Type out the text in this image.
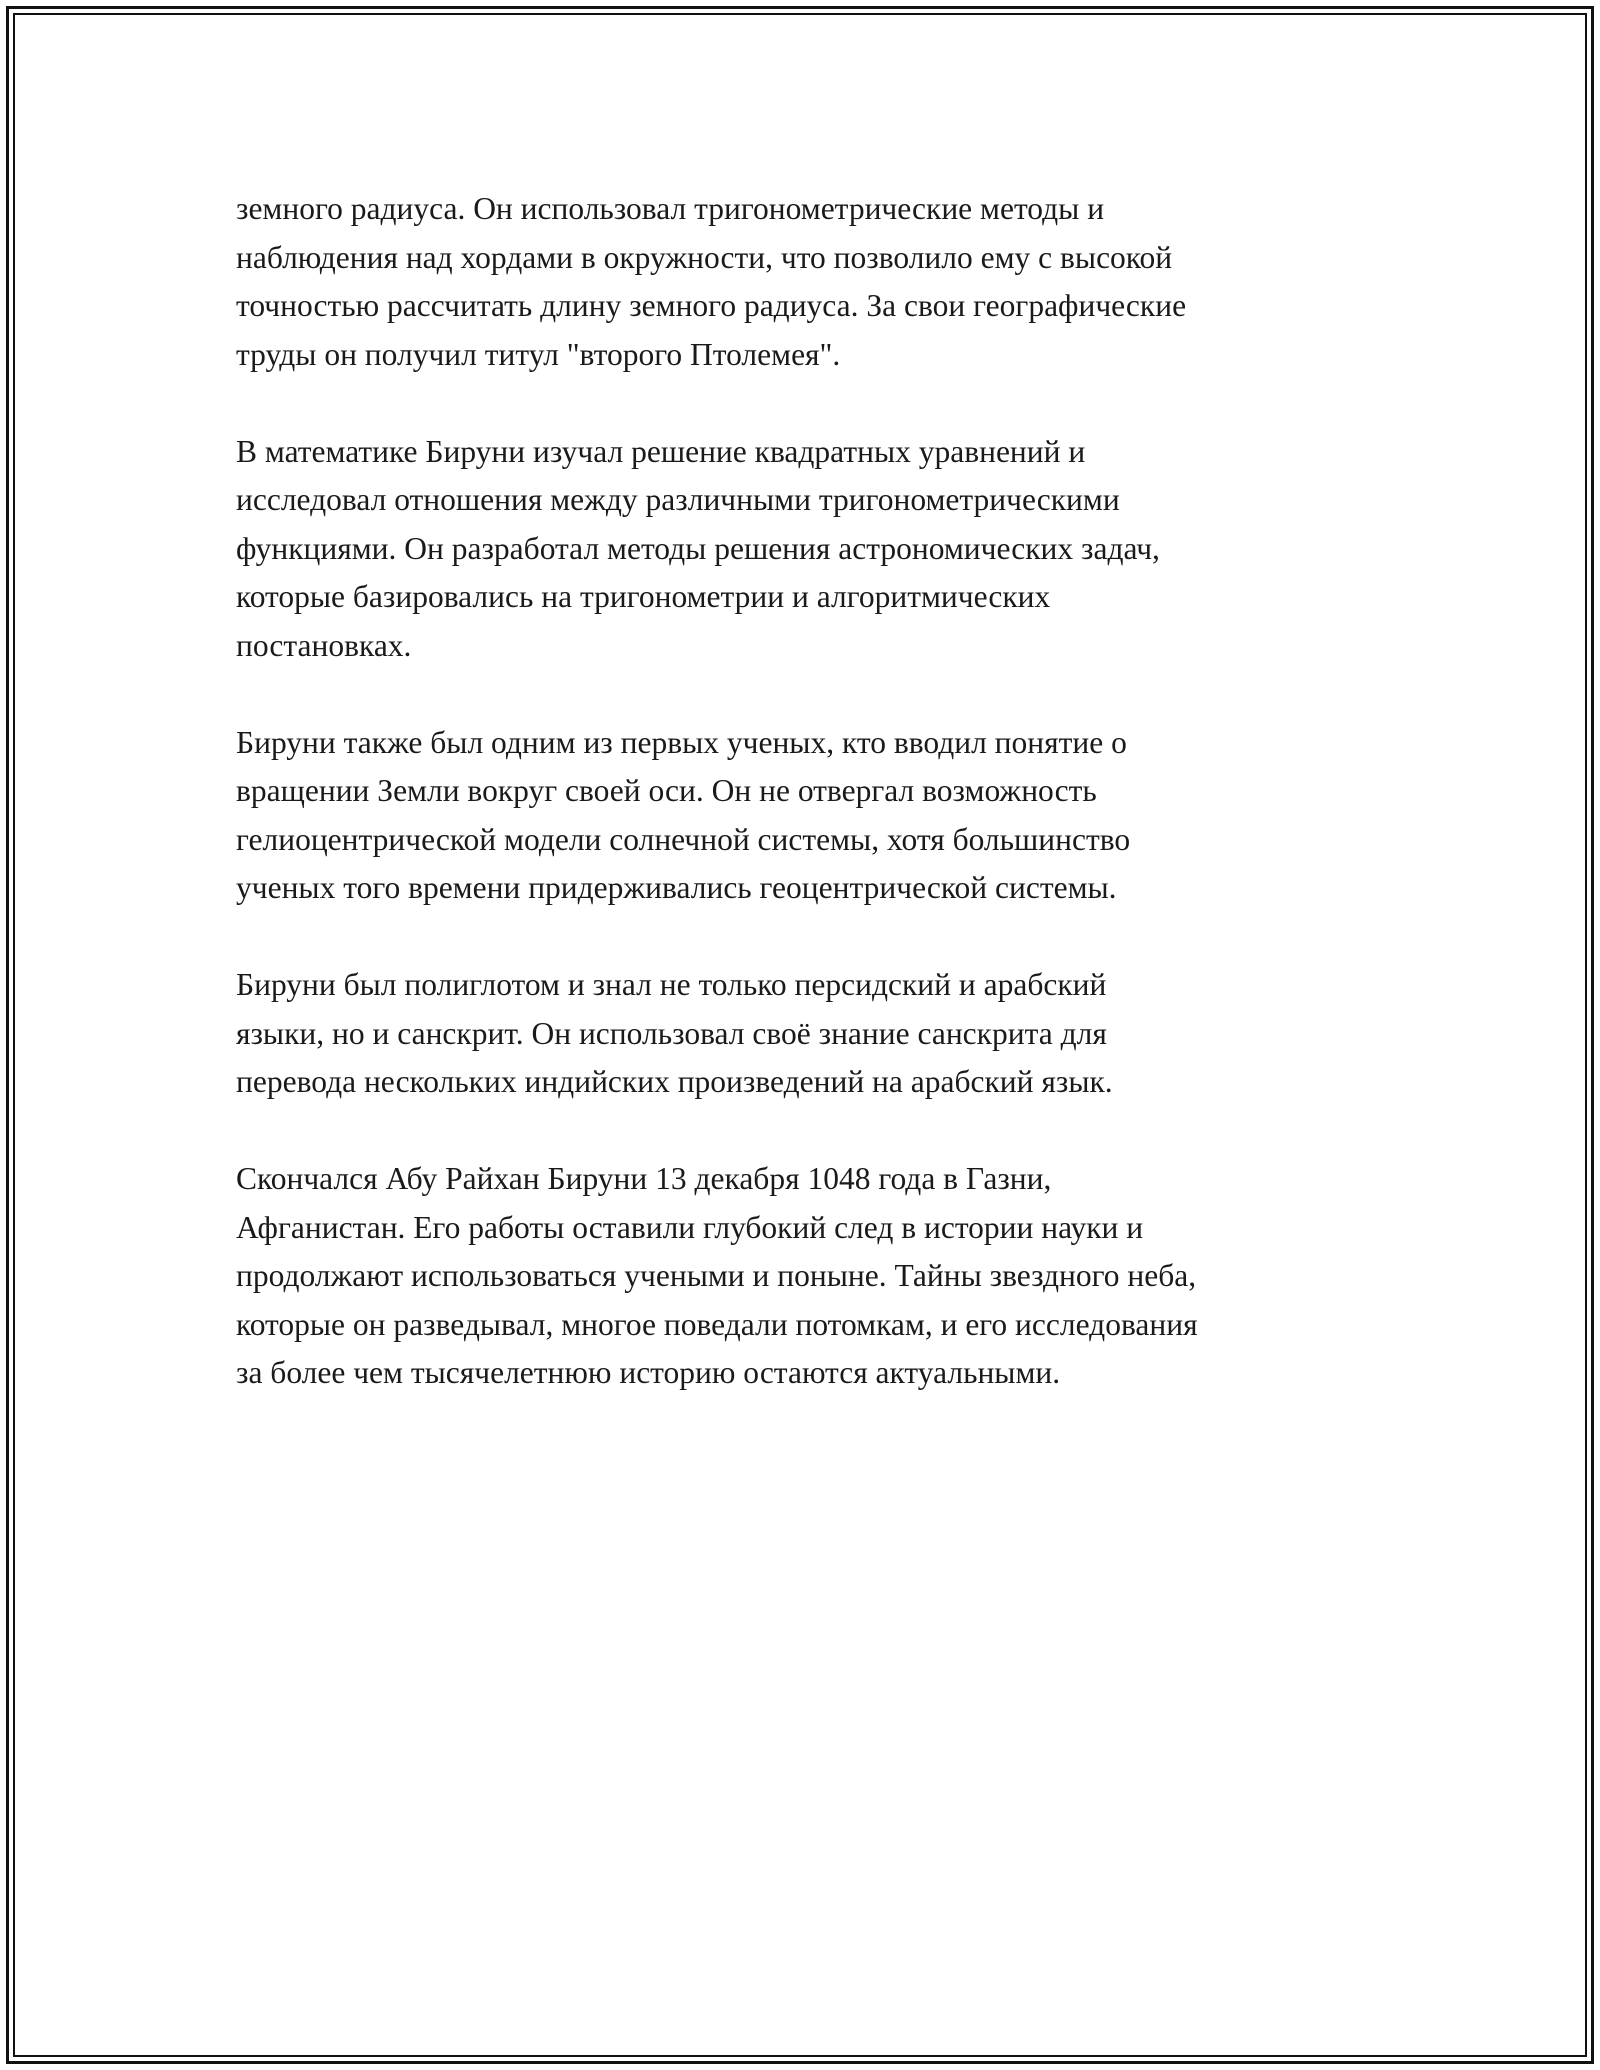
земного радиуса. Он использовал тригонометрические методы и
наблюдения над хордами в окружности, что позволило ему с высокой
точностью рассчитать длину земного радиуса. За свои географические
труды он получил титул "второго Птолемея".

В математике Бируни изучал решение квадратных уравнений и
исследовал отношения между различными тригонометрическими
функциями. Он разработал методы решения астрономических задач,
которые базировались на тригонометрии и алгоритмических
постановках.

Бируни также был одним из первых ученых, кто вводил понятие о
вращении Земли вокруг своей оси. Он не отвергал возможность
гелиоцентрической модели солнечной системы, хотя большинство
ученых того времени придерживались геоцентрической системы.

Бируни был полиглотом и знал не только персидский и арабский
языки, но и санскрит. Он использовал своё знание санскрита для
перевода нескольких индийских произведений на арабский язык.

Скончался Абу Райхан Бируни 13 декабря 1048 года в Газни,
Афганистан. Его работы оставили глубокий след в истории науки и
продолжают использоваться учеными и поныне. Тайны звездного неба,
которые он разведывал, многое поведали потомкам, и его исследования
за более чем тысячелетнюю историю остаются актуальными.
